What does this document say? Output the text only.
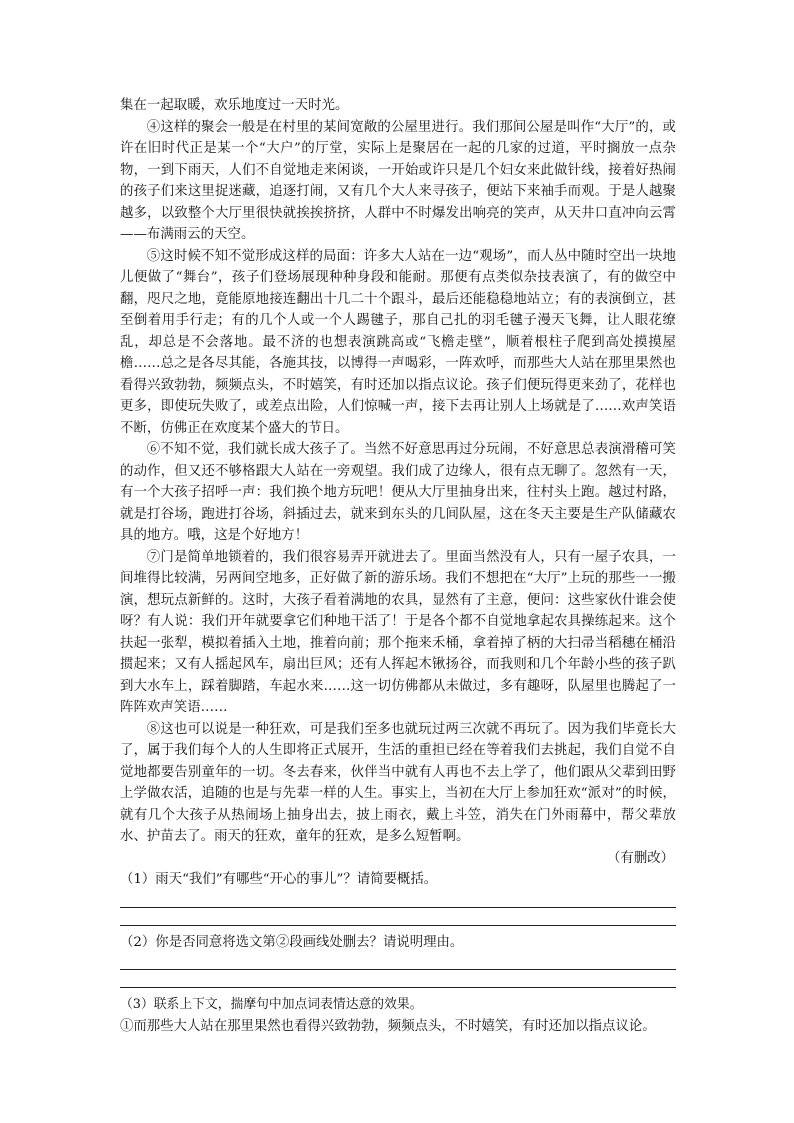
集在一起取暖，欢乐地度过一天时光。

④这样的聚会一般是在村里的某间宽敞的公屋里进行。我们那间公屋是叫作“大厅”的，或许在旧时代正是某一个“大户”的厅堂，实际上是聚居在一起的几家的过道，平时搁放一点杂物，一到下雨天，人们不自觉地走来闲谈，一开始或许只是几个妇女来此做针线，接着好热闹的孩子们来这里捉迷藏，追逐打闹，又有几个大人来寻孩子，便站下来袖手而观。于是人越聚越多，以致整个大厅里很快就挨挨挤挤，人群中不时爆发出响亮的笑声，从天井口直冲向云霄——布满雨云的天空。

⑤这时候不知不觉形成这样的局面：许多大人站在一边“观场”，而人丛中随时空出一块地儿便做了“舞台”，孩子们登场展现种种身段和能耐。那便有点类似杂技表演了，有的做空中翻，咫尺之地，竟能原地接连翻出十几二十个跟斗，最后还能稳稳地站立；有的表演倒立，甚至倒着用手行走；有的几个人或一个人踢毽子，那自己扎的羽毛毽子漫天飞舞，让人眼花缭乱，却总是不会落地。最不济的也想表演跳高或“飞檐走壁”，顺着根柱子爬到高处摸摸屋檐……总之是各尽其能，各施其技，以博得一声喝彩，一阵欢呼，而那些大人站在那里果然也看得兴致勃勃，频频点头，不时嬉笑，有时还加以指点议论。孩子们便玩得更来劲了，花样也更多，即使玩失败了，或差点出险，人们惊喊一声，接下去再让别人上场就是了……欢声笑语不断，仿佛正在欢度某个盛大的节日。

⑥不知不觉，我们就长成大孩子了。当然不好意思再过分玩闹，不好意思总表演滑稽可笑的动作，但又还不够格跟大人站在一旁观望。我们成了边缘人，很有点无聊了。忽然有一天，有一个大孩子招呼一声：我们换个地方玩吧！便从大厅里抽身出来，往村头上跑。越过村路，就是打谷场，跑进打谷场，斜插过去，就来到东头的几间队屋，这在冬天主要是生产队储藏农具的地方。哦，这是个好地方！

⑦门是简单地锁着的，我们很容易弄开就进去了。里面当然没有人，只有一屋子农具，一间堆得比较满，另两间空地多，正好做了新的游乐场。我们不想把在“大厅”上玩的那些一一搬演，想玩点新鲜的。这时，大孩子看着满地的农具，显然有了主意，便问：这些家伙什谁会使呀？有人说：我们开年就要拿它们种地干活了！于是各个都不自觉地拿起农具操练起来。这个扶起一张犁，模拟着插入土地，推着向前；那个拖来禾桶，拿着掉了柄的大扫帚当稻穗在桶沿掼起来；又有人摇起风车，扇出巨风；还有人挥起木锹扬谷，而我则和几个年龄小些的孩子趴到大水车上，踩着脚踏，车起水来……这一切仿佛都从未做过，多有趣呀，队屋里也腾起了一阵阵欢声笑语……

⑧这也可以说是一种狂欢，可是我们至多也就玩过两三次就不再玩了。因为我们毕竟长大了，属于我们每个人的人生即将正式展开，生活的重担已经在等着我们去挑起，我们自觉不自觉地都要告别童年的一切。冬去春来，伙伴当中就有人再也不去上学了，他们跟从父辈到田野上学做农活，追随的也是与先辈一样的人生。事实上，当初在大厅上参加狂欢“派对”的时候，就有几个大孩子从热闹场上抽身出去，披上雨衣，戴上斗笠，消失在门外雨幕中，帮父辈放水、护苗去了。雨天的狂欢，童年的狂欢，是多么短暂啊。

（有删改）

（1）雨天“我们”有哪些“开心的事儿”？请简要概括。

（2）你是否同意将选文第②段画线处删去？请说明理由。

（3）联系上下文，揣摩句中加点词表情达意的效果。

①而那些大人站在那里果然也看得兴致勃勃，频频点头，不时嬉笑，有时还加以指点议论。
